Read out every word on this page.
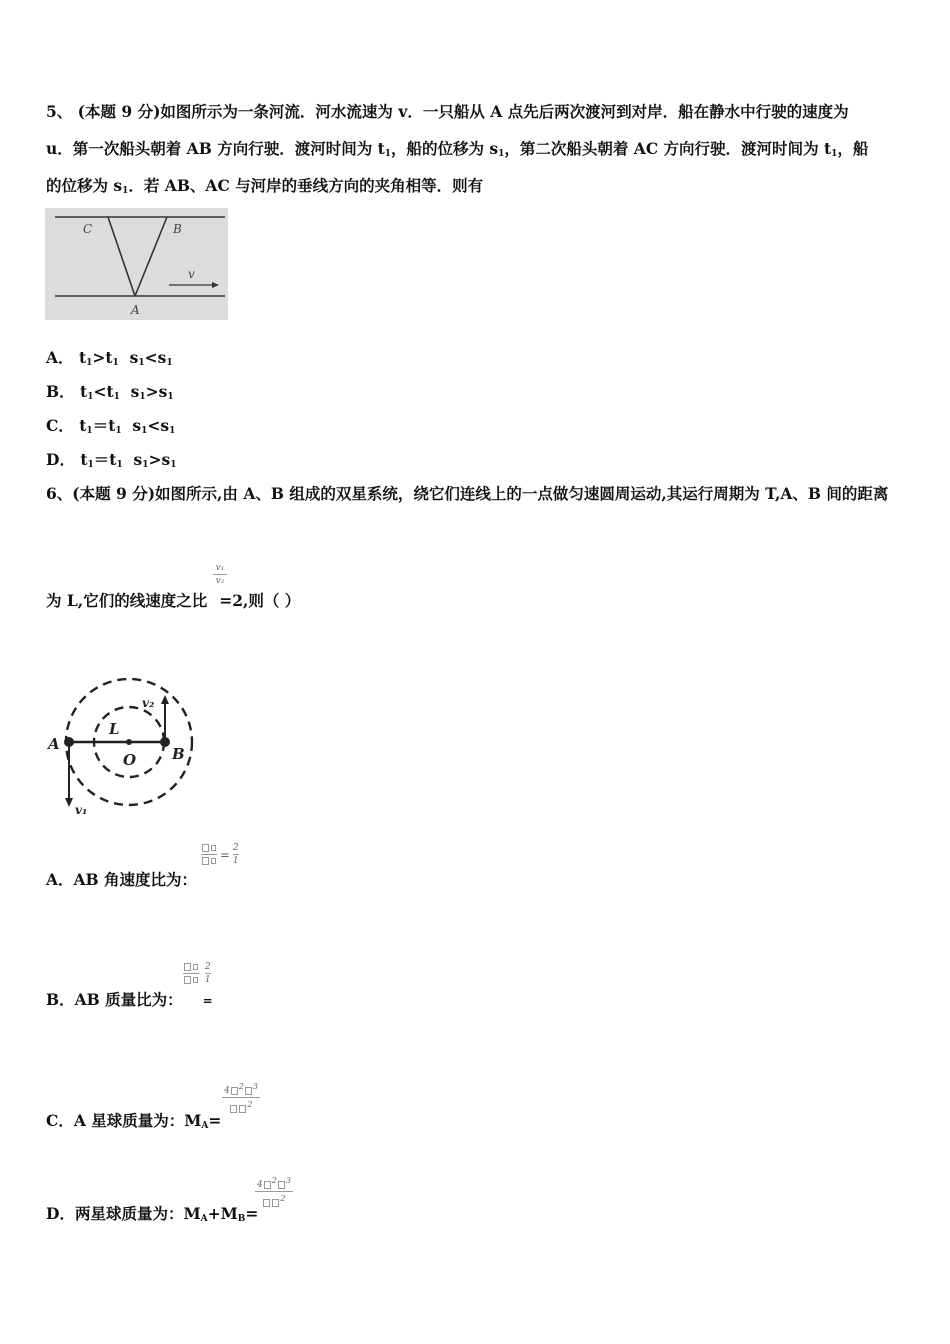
5、 (本题 9 分)如图所示为一条河流．河水流速为 v．一只船从 A 点先后两次渡河到对岸．船在静水中行驶的速度为
u．第一次船头朝着 AB 方向行驶．渡河时间为 $t_1$，船的位移为 $s_1$，第二次船头朝着 AC 方向行驶．渡河时间为 $t_1$，船
的位移为 $s_1$．若 AB、AC 与河岸的垂线方向的夹角相等．则有
C	B
A
v
A． $t_1>t_1$ $s_1<s_1$
B． $t_1<t_1$ $s_1>s_1$
C． $t_1=t_1$ $s_1<s_1$
D． $t_1=t_1$ $s_1>s_1$
6、(本题 9 分)如图所示,由 A、B 组成的双星系统，绕它们连线上的一点做匀速圆周运动,其运行周期为 T,A、B 间的距离
为 L,它们的线速度之比 =2,则（ ）
$\frac{\text{v₁}}{\text{v₂}}$
A
B
O
L
v₁
v₂
A．AB 角速度比为：
= $\frac{2}{1}$
B．AB 质量比为： =

$\frac{2}{1}$
C．A 星球质量为：$M_A=$
$\frac{4 ^2 ^3}{^2}$
D．两星球质量为：$M_A+M_B=$
$\frac{4 ^2 ^3}{^2}$
